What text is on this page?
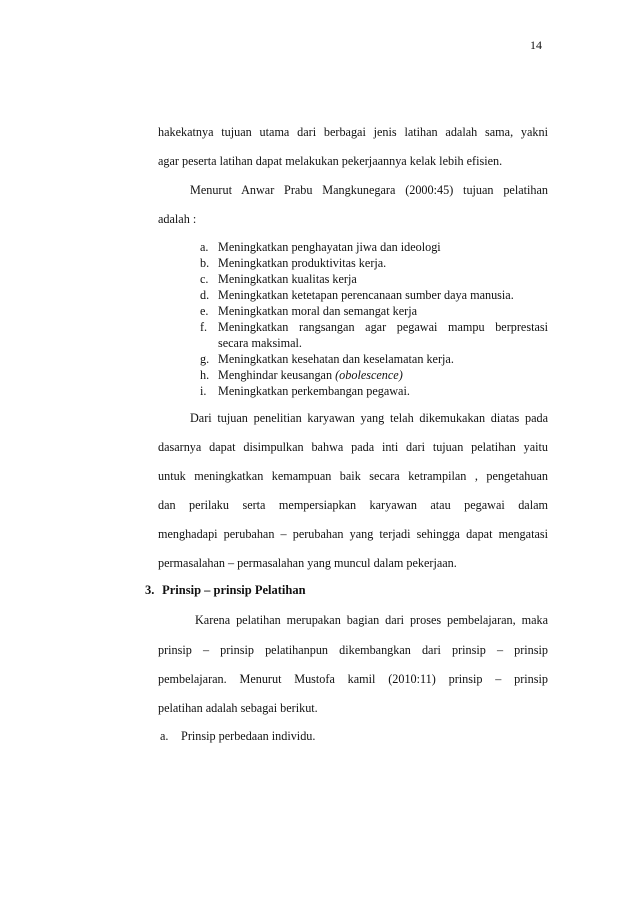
14
hakekatnya tujuan utama dari berbagai jenis latihan adalah sama, yakni
agar peserta latihan dapat melakukan pekerjaannya kelak lebih efisien.
Menurut Anwar Prabu Mangkunegara (2000:45) tujuan pelatihan
adalah :
a. Meningkatkan penghayatan jiwa dan ideologi
b. Meningkatkan produktivitas kerja.
c. Meningkatkan kualitas kerja
d. Meningkatkan ketetapan perencanaan sumber daya manusia.
e. Meningkatkan moral dan semangat kerja
f. Meningkatkan rangsangan agar pegawai mampu berprestasi
secara maksimal.
g. Meningkatkan kesehatan dan keselamatan kerja.
h. Menghindar keusangan (obolescence)
i. Meningkatkan perkembangan pegawai.
Dari tujuan penelitian karyawan yang telah dikemukakan diatas pada
dasarnya dapat disimpulkan bahwa pada inti dari tujuan pelatihan yaitu
untuk meningkatkan kemampuan baik secara ketrampilan , pengetahuan
dan perilaku serta mempersiapkan karyawan atau pegawai dalam
menghadapi perubahan – perubahan yang terjadi sehingga dapat mengatasi
permasalahan – permasalahan yang muncul dalam pekerjaan.
3. Prinsip – prinsip Pelatihan
Karena pelatihan merupakan bagian dari proses pembelajaran, maka
prinsip – prinsip pelatihanpun dikembangkan dari prinsip – prinsip
pembelajaran. Menurut Mustofa kamil (2010:11) prinsip – prinsip
pelatihan adalah sebagai berikut.
a. Prinsip perbedaan individu.
